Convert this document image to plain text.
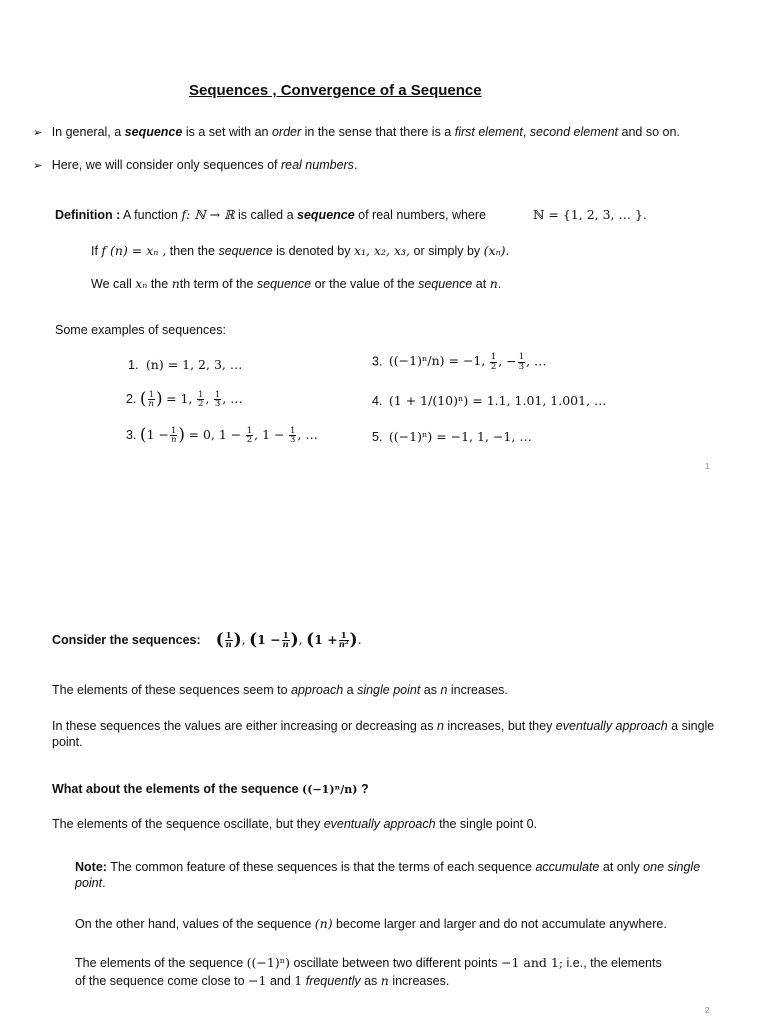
Sequences , Convergence of a Sequence
➢ In general, a sequence is a set with an order in the sense that there is a first element, second element and so on.
➢ Here, we will consider only sequences of real numbers.
Definition : A function f: ℕ → ℝ is called a sequence of real numbers, where	ℕ = {1, 2, 3, … }.
If f (n) = xₙ , then the sequence is denoted by x₁, x₂, x₃, or simply by (xₙ).
We call xₙ the nth term of the sequence or the value of the sequence at n.
Some examples of sequences:
1. (n) = 1, 2, 3, …
2. ( $\frac{1}{n}$ ) = 1, $\frac{1}{2}$ , $\frac{1}{3}$ , …
3. ($1 - \frac{1}{n}$ ) = 0, $1 - \frac{1}{2}$ , $1 - \frac{1}{3}$ , …
3. ((−1)ⁿ/n) = −1, $\frac{1}{2}$ , − $\frac{1}{3}$ , …
4. (1 + 1/(10)ⁿ) = 1.1, 1.01, 1.001, …
5. ((−1)ⁿ) = −1, 1, −1, …
1
Consider the sequences: ( $\frac{1}{n}$ ), ($1 - \frac{1}{n}$ ), ($1 + \frac{1}{\text{n²}}$ ).
The elements of these sequences seem to approach a single point as n increases.
In these sequences the values are either increasing or decreasing as n increases, but they eventually approach a single point.
What about the elements of the sequence ((−1)ⁿ/n) ?
The elements of the sequence oscillate, but they eventually approach the single point 0.
Note: The common feature of these sequences is that the terms of each sequence accumulate at only one single point.
On the other hand, values of the sequence (n) become larger and larger and do not accumulate anywhere.
The elements of the sequence ((−1)ⁿ) oscillate between two different points −1 and 1; i.e., the elements of the sequence come close to −1 and 1 frequently as n increases.
2
